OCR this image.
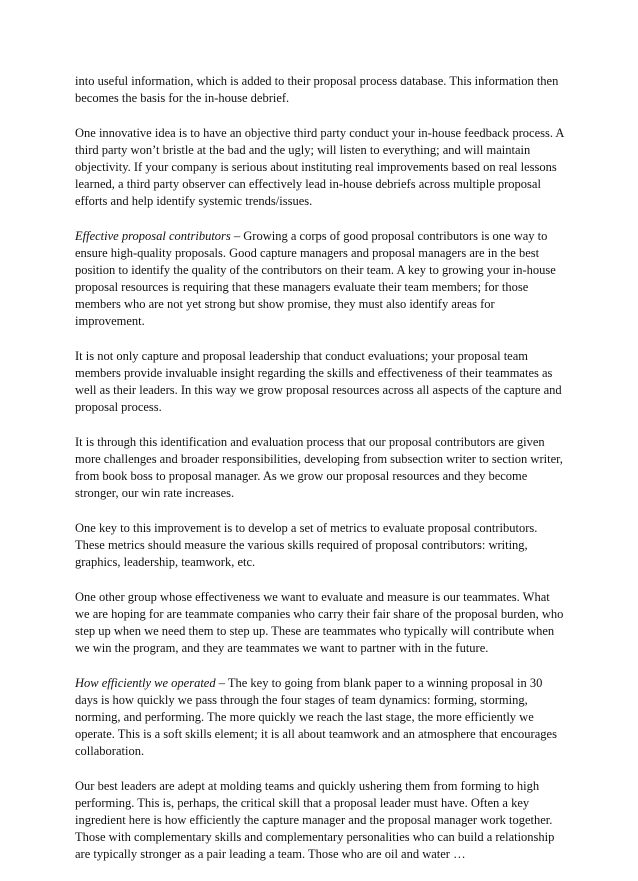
into useful information, which is added to their proposal process database. This information then becomes the basis for the in-house debrief.

One innovative idea is to have an objective third party conduct your in-house feedback process. A third party won’t bristle at the bad and the ugly; will listen to everything; and will maintain objectivity. If your company is serious about instituting real improvements based on real lessons learned, a third party observer can effectively lead in-house debriefs across multiple proposal efforts and help identify systemic trends/issues.

Effective proposal contributors – Growing a corps of good proposal contributors is one way to ensure high-quality proposals. Good capture managers and proposal managers are in the best position to identify the quality of the contributors on their team. A key to growing your in-house proposal resources is requiring that these managers evaluate their team members; for those members who are not yet strong but show promise, they must also identify areas for improvement.

It is not only capture and proposal leadership that conduct evaluations; your proposal team members provide invaluable insight regarding the skills and effectiveness of their teammates as well as their leaders. In this way we grow proposal resources across all aspects of the capture and proposal process.

It is through this identification and evaluation process that our proposal contributors are given more challenges and broader responsibilities, developing from subsection writer to section writer, from book boss to proposal manager. As we grow our proposal resources and they become stronger, our win rate increases.

One key to this improvement is to develop a set of metrics to evaluate proposal contributors. These metrics should measure the various skills required of proposal contributors: writing, graphics, leadership, teamwork, etc.

One other group whose effectiveness we want to evaluate and measure is our teammates. What we are hoping for are teammate companies who carry their fair share of the proposal burden, who step up when we need them to step up. These are teammates who typically will contribute when we win the program, and they are teammates we want to partner with in the future.

How efficiently we operated – The key to going from blank paper to a winning proposal in 30 days is how quickly we pass through the four stages of team dynamics: forming, storming, norming, and performing. The more quickly we reach the last stage, the more efficiently we operate. This is a soft skills element; it is all about teamwork and an atmosphere that encourages collaboration.

Our best leaders are adept at molding teams and quickly ushering them from forming to high performing. This is, perhaps, the critical skill that a proposal leader must have. Often a key ingredient here is how efficiently the capture manager and the proposal manager work together. Those with complementary skills and complementary personalities who can build a relationship are typically stronger as a pair leading a team. Those who are oil and water …
